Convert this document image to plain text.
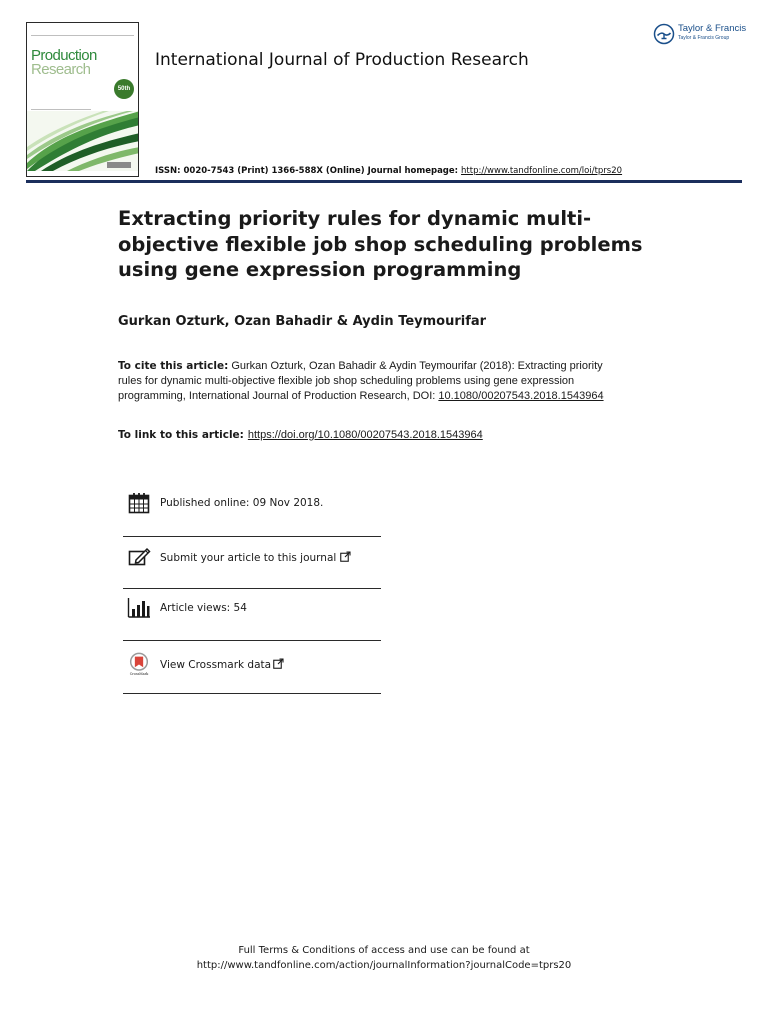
Production
Research
50th
International Journal of Production Research
ISSN: 0020-7543 (Print) 1366-588X (Online) Journal homepage: http://www.tandfonline.com/loi/tprs20
Taylor & Francis
Taylor & Francis Group
Extracting priority rules for dynamic multi-objective flexible job shop scheduling problems using gene expression programming
Gurkan Ozturk, Ozan Bahadir & Aydin Teymourifar
To cite this article: Gurkan Ozturk, Ozan Bahadir & Aydin Teymourifar (2018): Extracting priority rules for dynamic multi-objective flexible job shop scheduling problems using gene expression programming, International Journal of Production Research, DOI: 10.1080/00207543.2018.1543964
To link to this article: https://doi.org/10.1080/00207543.2018.1543964
Published online: 09 Nov 2018.
Submit your article to this journal
Article views: 54
CrossMark
View Crossmark data
Full Terms & Conditions of access and use can be found at
http://www.tandfonline.com/action/journalInformation?journalCode=tprs20
